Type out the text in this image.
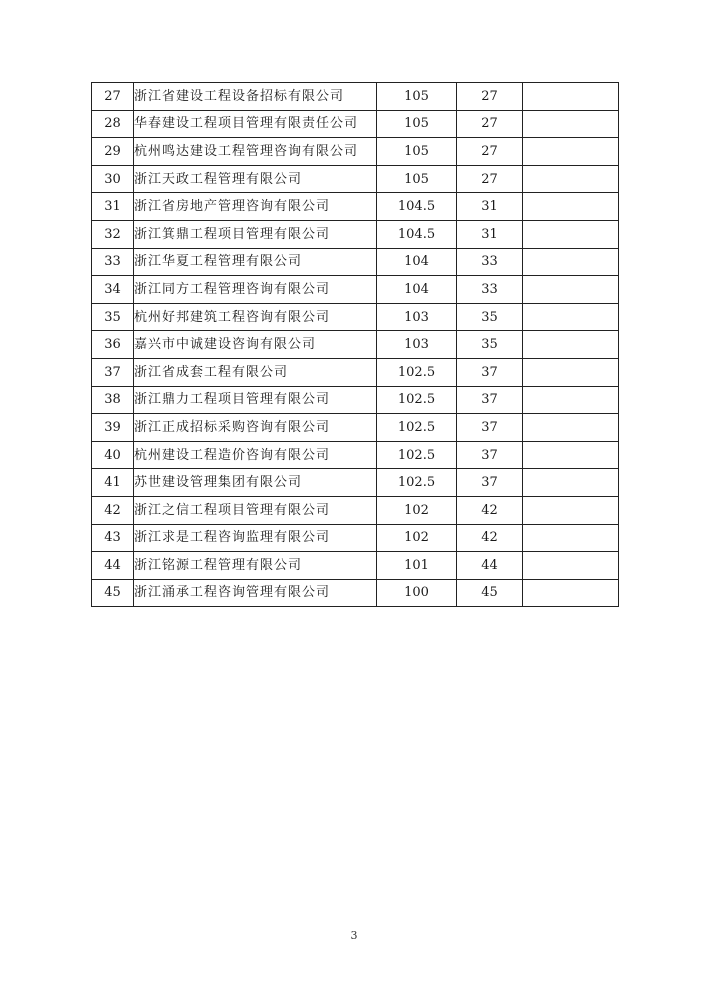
27	浙江省建设工程设备招标有限公司	105	27	
28	华春建设工程项目管理有限责任公司	105	27	
29	杭州鸣达建设工程管理咨询有限公司	105	27	
30	浙江天政工程管理有限公司	105	27	
31	浙江省房地产管理咨询有限公司	104.5	31	
32	浙江箕鼎工程项目管理有限公司	104.5	31	
33	浙江华夏工程管理有限公司	104	33	
34	浙江同方工程管理咨询有限公司	104	33	
35	杭州好邦建筑工程咨询有限公司	103	35	
36	嘉兴市中诚建设咨询有限公司	103	35	
37	浙江省成套工程有限公司	102.5	37	
38	浙江鼎力工程项目管理有限公司	102.5	37	
39	浙江正成招标采购咨询有限公司	102.5	37	
40	杭州建设工程造价咨询有限公司	102.5	37	
41	苏世建设管理集团有限公司	102.5	37	
42	浙江之信工程项目管理有限公司	102	42	
43	浙江求是工程咨询监理有限公司	102	42	
44	浙江铭源工程管理有限公司	101	44	
45	浙江涌承工程咨询管理有限公司	100	45	
3
